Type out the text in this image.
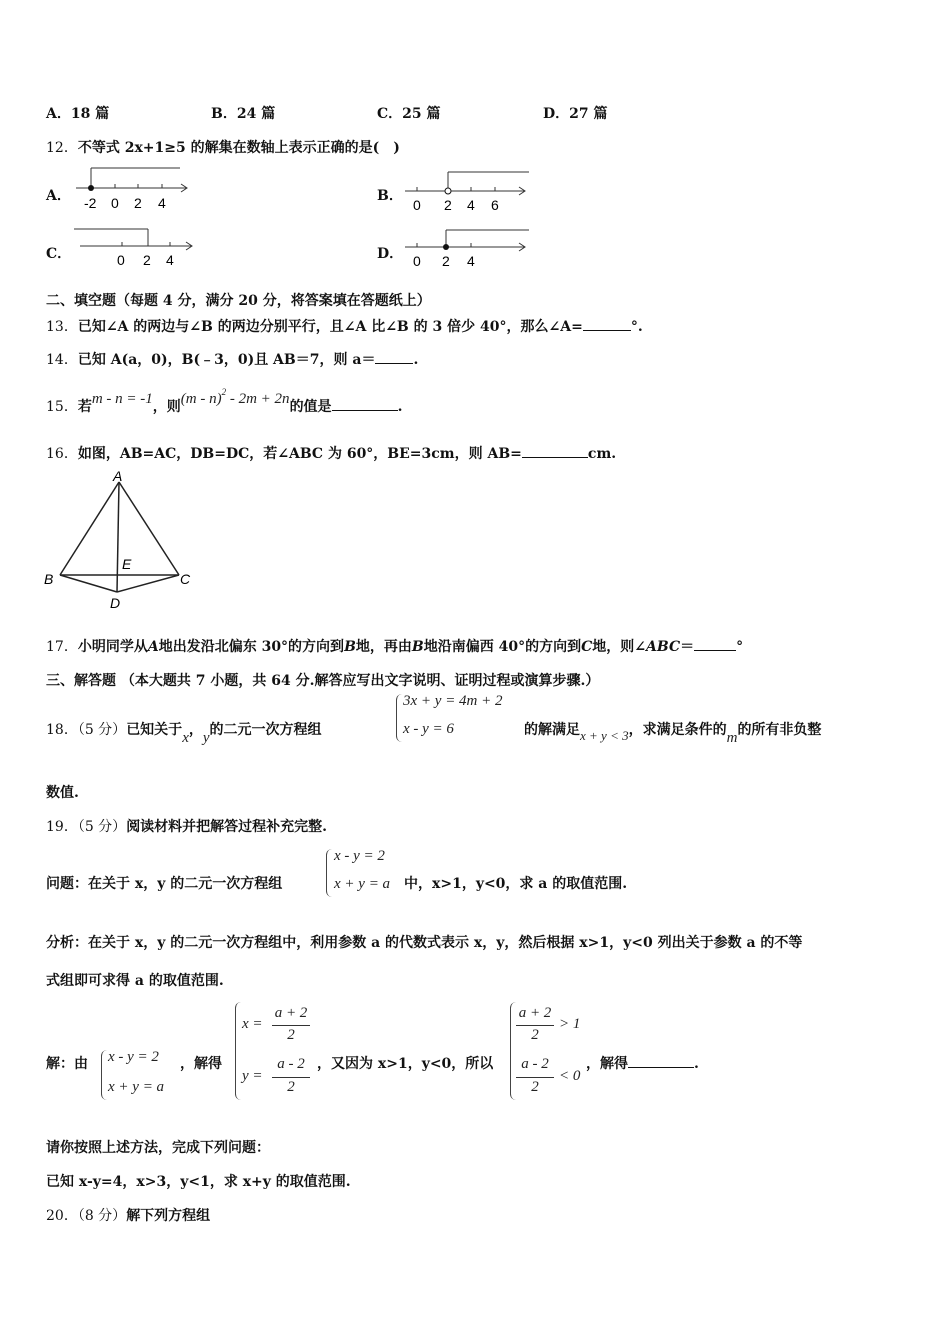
A．18 篇	B．24 篇	C．25 篇	D．27 篇
12．不等式 2x+1≥5 的解集在数轴上表示正确的是(　)
A． -2 0 2 4	B．
0 2 4 6
C．	0 2 4	D． 0 2 4
二、填空题（每题 4 分，满分 20 分，将答案填在答题纸上）
13．已知∠A 的两边与∠B 的两边分别平行，且∠A 比∠B 的 3 倍少 40°，那么∠A=	°.
14．已知 A(a，0)，B(﹣3，0)且 AB＝7，则 a＝	.
15．若m - n = -1，则(m - n)$^2$ - 2m + 2n的值是	.
16．如图，AB=AC，DB=DC，若∠ABC 为 60°，BE=3cm，则 AB=	cm.
A
B	C
D
E
17．小明同学从A地出发沿北偏东 30°的方向到B地，再由B地沿南偏西 40°的方向到C地，则∠ABC＝	°
三、解答题 （本大题共 7 小题，共 64 分.解答应写出文字说明、证明过程或演算步骤.）
18．（5 分）已知关于x，y的二元一次方程组
3x + y = 4m + 2
x - y = 6	的解满足x + y < 3，求满足条件的m的所有非负整
数值.
19．（5 分）阅读材料并把解答过程补充完整.
问题：在关于 x，y 的二元一次方程组
x - y = 2
x + y = a 中，x>1，y<0，求 a 的取值范围.
分析：在关于 x，y 的二元一次方程组中，利用参数 a 的代数式表示 x，y，然后根据 x>1，y<0 列出关于参数 a 的不等
式组即可求得 a 的取值范围.
解：由 x - y = 2
x + y = a
，解得
x =
a + 2
2
y =
a - 2
2
，又因为 x>1，y<0，所以
a + 2
2
> 1
a - 2
2
< 0
，解得	.
请你按照上述方法，完成下列问题：
已知 x-y=4，x>3，y<1，求 x+y 的取值范围.
20．（8 分）解下列方程组
